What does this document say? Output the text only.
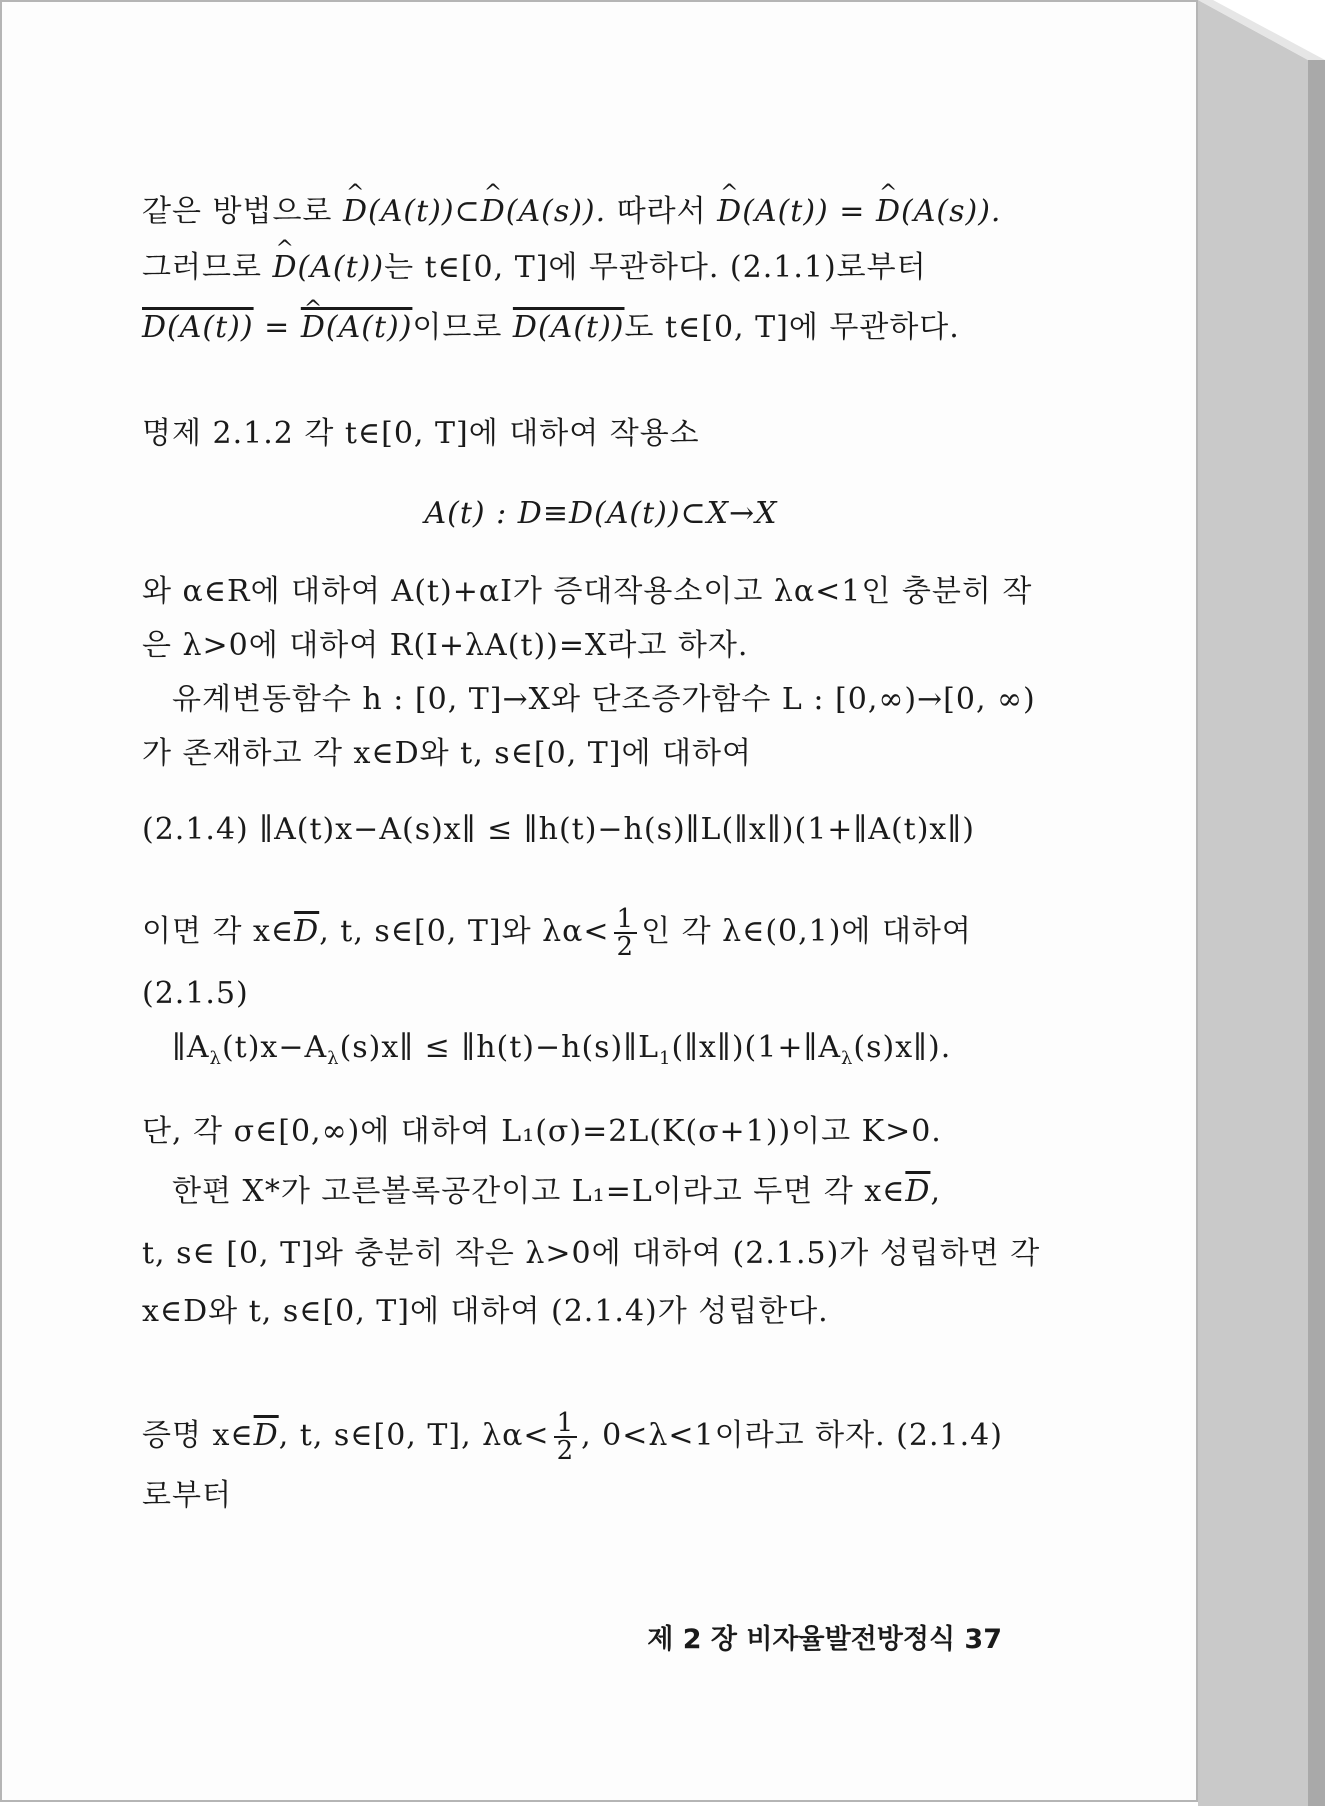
같은 방법으로 ^ D(A(t))⊂^ D(A(s)). 따라서 ^ D(A(t)) = ^ D(A(s)).
그러므로 ^ D(A(t))는 t∈[0, T]에 무관하다. (2.1.1)로부터
D(A(t)) = ^ D(A(t))이므로 D(A(t))도 t∈[0, T]에 무관하다.
명제 2.1.2 각 t∈[0, T]에 대하여 작용소
A(t) : D≡D(A(t))⊂X→X
와 α∈R에 대하여 A(t)+αI가 증대작용소이고 λα<1인 충분히 작
은 λ>0에 대하여 R(I+λA(t))=X라고 하자.
유계변동함수 h : [0, T]→X와 단조증가함수 L : [0,∞)→[0, ∞)
가 존재하고 각 x∈D와 t, s∈[0, T]에 대하여
(2.1.4) ∥A(t)x−A(s)x∥ ≤ ∥h(t)−h(s)∥L(∥x∥)(1+∥A(t)x∥)
이면 각 $x\in\overline{D}$, t, s∈[0, T]와 $\lambda\alpha< \frac{1}{2}$ 인 각 λ∈(0,1)에 대하여
(2.1.5)
$\parallel A_\lambda(t)x-A_\lambda(s)x\parallel$ ≤ $\parallel h(t)-h(s)\parallel L_1(\parallel x\parallel)(1+\parallel A_\lambda(s)x\parallel)$.
단, 각 σ∈[0,∞)에 대하여 L₁(σ)=2L(K(σ+1))이고 K>0.
한편 X*가 고른볼록공간이고 L₁=L이라고 두면 각 $x\in\overline{D}$,
t, s∈ [0, T]와 충분히 작은 λ>0에 대하여 (2.1.5)가 성립하면 각
x∈D와 t, s∈[0, T]에 대하여 (2.1.4)가 성립한다.
증명 $x\in\overline{D}$, t, s∈[0, T], $\lambda\alpha< \frac{1}{2}$ , 0<λ<1이라고 하자. (2.1.4)
로부터
제 2 장 비자율발전방정식 37
